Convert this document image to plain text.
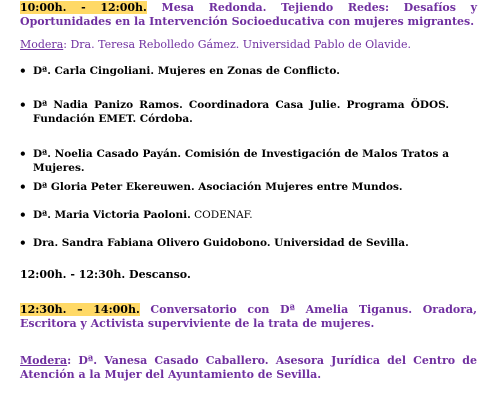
10:00h. - 12:00h. Mesa Redonda. Tejiendo Redes: Desafíos y Oportunidades en la Intervención Socioeducativa con mujeres migrantes.
Modera: Dra. Teresa Rebolledo Gámez. Universidad Pablo de Olavide.
• Dª. Carla Cingoliani. Mujeres en Zonas de Conflicto.
• Dª Nadia Panizo Ramos. Coordinadora Casa Julie. Programa ÖDOS. Fundación EMET. Córdoba.
• Dª. Noelia Casado Payán. Comisión de Investigación de Malos Tratos a Mujeres.
• Dª Gloria Peter Ekereuwen. Asociación Mujeres entre Mundos.
• Dª. Maria Victoria Paoloni. CODENAF.
• Dra. Sandra Fabiana Olivero Guidobono. Universidad de Sevilla.
12:00h. - 12:30h. Descanso.
12:30h. – 14:00h. Conversatorio con Dª Amelia Tiganus. Oradora, Escritora y Activista superviviente de la trata de mujeres.
Modera: Dª. Vanesa Casado Caballero. Asesora Jurídica del Centro de Atención a la Mujer del Ayuntamiento de Sevilla.
